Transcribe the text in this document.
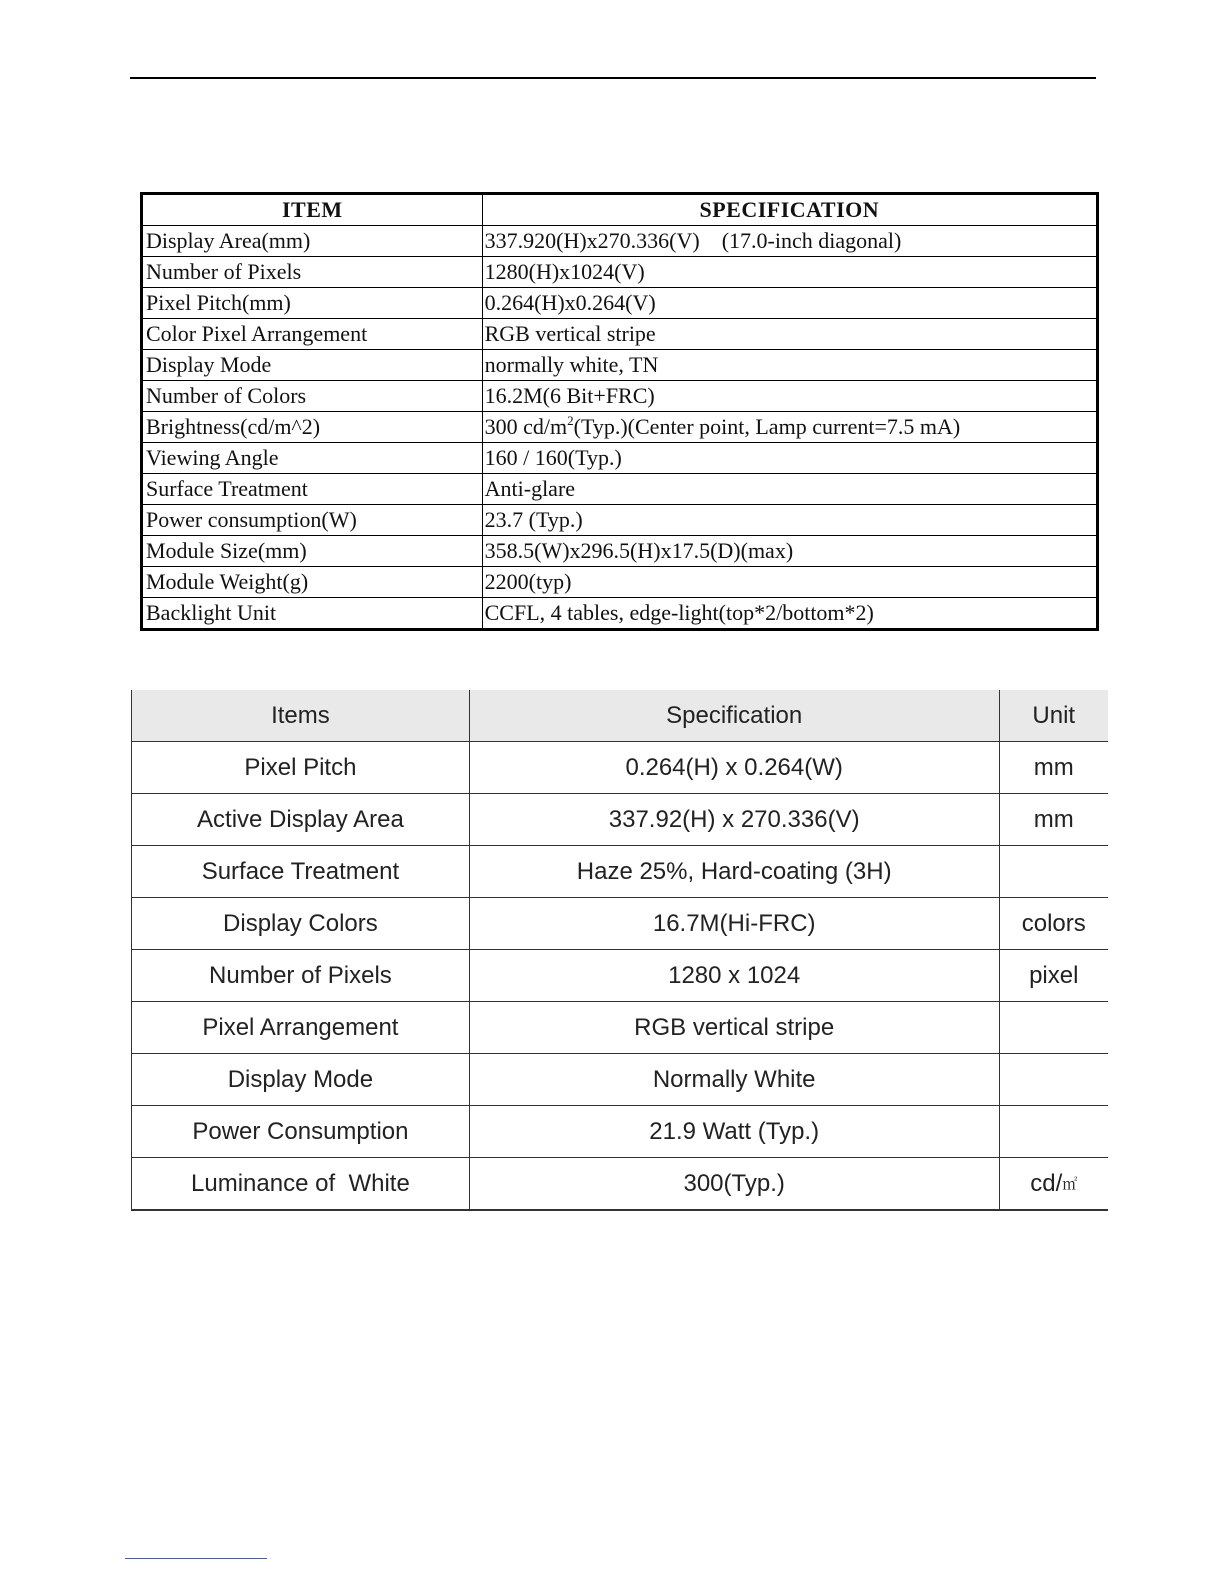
ITEM	SPECIFICATION
Display Area(mm)	337.920(H)x270.336(V)    (17.0-inch diagonal)
Number of Pixels	1280(H)x1024(V)
Pixel Pitch(mm)	0.264(H)x0.264(V)
Color Pixel Arrangement	RGB vertical stripe
Display Mode	normally white, TN
Number of Colors	16.2M(6 Bit+FRC)
Brightness(cd/m^2)	300 $cd/m^2(Typ.)(Center$ point, Lamp current=7.5 mA)
Viewing Angle	160 / 160(Typ.)
Surface Treatment	Anti-glare
Power consumption(W)	23.7 (Typ.)
Module Size(mm)	358.5(W)x296.5(H)x17.5(D)(max)
Module Weight(g)	2200(typ)
Backlight Unit	CCFL, 4 tables, edge-light(top*2/bottom*2)
Items	Specification	Unit
Pixel Pitch	0.264(H) x 0.264(W)	mm
Active Display Area	337.92(H) x 270.336(V)	mm
Surface Treatment	Haze 25%, Hard-coating (3H)	
Display Colors	16.7M(Hi-FRC)	colors
Number of Pixels	1280 x 1024	pixel
Pixel Arrangement	RGB vertical stripe	
Display Mode	Normally White	
Power Consumption	21.9 Watt (Typ.)	
Luminance of  White	300(Typ.)	cd/㎡
